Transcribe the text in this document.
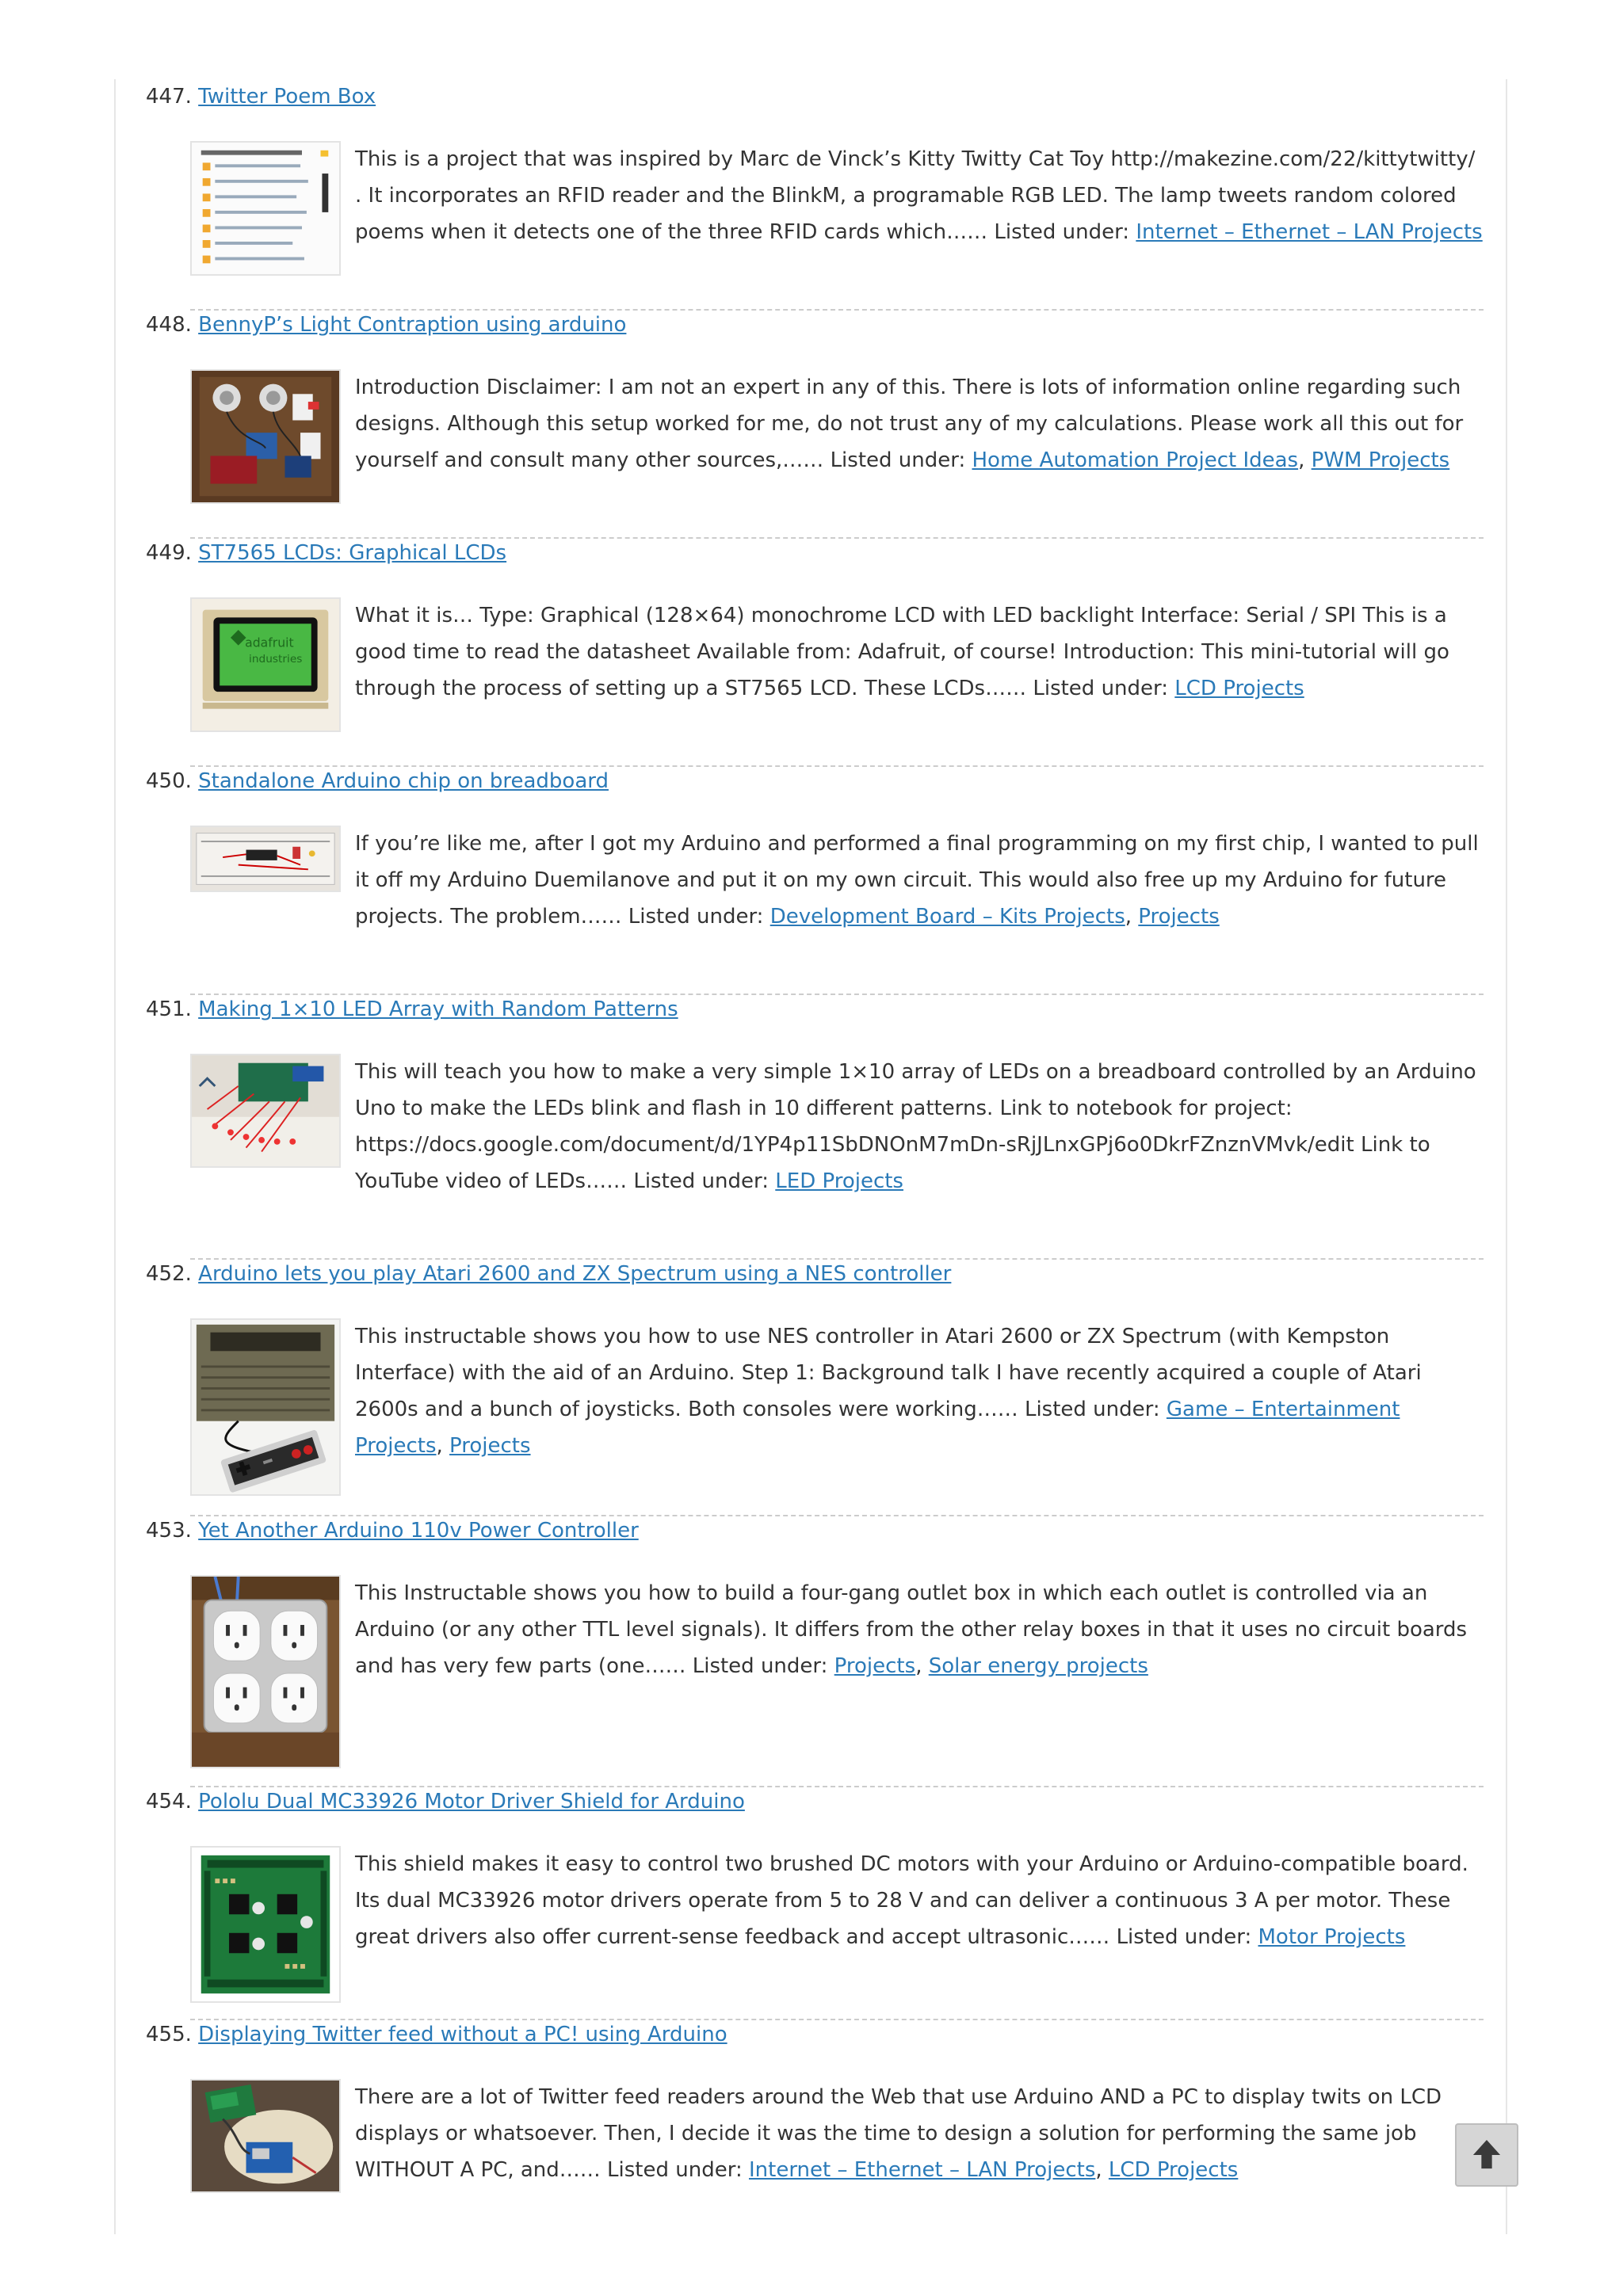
447. Twitter Poem Box
This is a project that was inspired by Marc de Vinck’s Kitty Twitty Cat Toy http://makezine.com/22/kittytwitty/ . It incorporates an RFID reader and the BlinkM, a programable RGB LED. The lamp tweets random colored poems when it detects one of the three RFID cards which…… Listed under: Internet – Ethernet – LAN Projects
448. BennyP’s Light Contraption using arduino
Introduction Disclaimer: I am not an expert in any of this. There is lots of information online regarding such designs. Although this setup worked for me, do not trust any of my calculations. Please work all this out for yourself and consult many other sources,…… Listed under: Home Automation Project Ideas, PWM Projects
449. ST7565 LCDs: Graphical LCDs
adafruit
industries
What it is… Type: Graphical (128×64) monochrome LCD with LED backlight Interface: Serial / SPI This is a good time to read the datasheet Available from: Adafruit, of course! Introduction: This mini-tutorial will go through the process of setting up a ST7565 LCD. These LCDs…… Listed under: LCD Projects
450. Standalone Arduino chip on breadboard
If you’re like me, after I got my Arduino and performed a final programming on my first chip, I wanted to pull it off my Arduino Duemilanove and put it on my own circuit. This would also free up my Arduino for future projects. The problem…… Listed under: Development Board – Kits Projects, Projects
451. Making 1×10 LED Array with Random Patterns
This will teach you how to make a very simple 1×10 array of LEDs on a breadboard controlled by an Arduino Uno to make the LEDs blink and flash in 10 different patterns. Link to notebook for project: https://docs.google.com/document/d/1YP4p11SbDNOnM7mDn-sRjJLnxGPj6o0DkrFZnznVMvk/edit Link to YouTube video of LEDs…… Listed under: LED Projects
452. Arduino lets you play Atari 2600 and ZX Spectrum using a NES controller
This instructable shows you how to use NES controller in Atari 2600 or ZX Spectrum (with Kempston Interface) with the aid of an Arduino. Step 1: Background talk I have recently acquired a couple of Atari 2600s and a bunch of joysticks. Both consoles were working…… Listed under: Game – Entertainment Projects, Projects
453. Yet Another Arduino 110v Power Controller
This Instructable shows you how to build a four-gang outlet box in which each outlet is controlled via an Arduino (or any other TTL level signals). It differs from the other relay boxes in that it uses no circuit boards and has very few parts (one…… Listed under: Projects, Solar energy projects
454. Pololu Dual MC33926 Motor Driver Shield for Arduino
This shield makes it easy to control two brushed DC motors with your Arduino or Arduino-compatible board. Its dual MC33926 motor drivers operate from 5 to 28 V and can deliver a continuous 3 A per motor. These great drivers also offer current-sense feedback and accept ultrasonic…… Listed under: Motor Projects
455. Displaying Twitter feed without a PC! using Arduino
There are a lot of Twitter feed readers around the Web that use Arduino AND a PC to display twits on LCD displays or whatsoever. Then, I decide it was the time to design a solution for performing the same job WITHOUT A PC, and…… Listed under: Internet – Ethernet – LAN Projects, LCD Projects
